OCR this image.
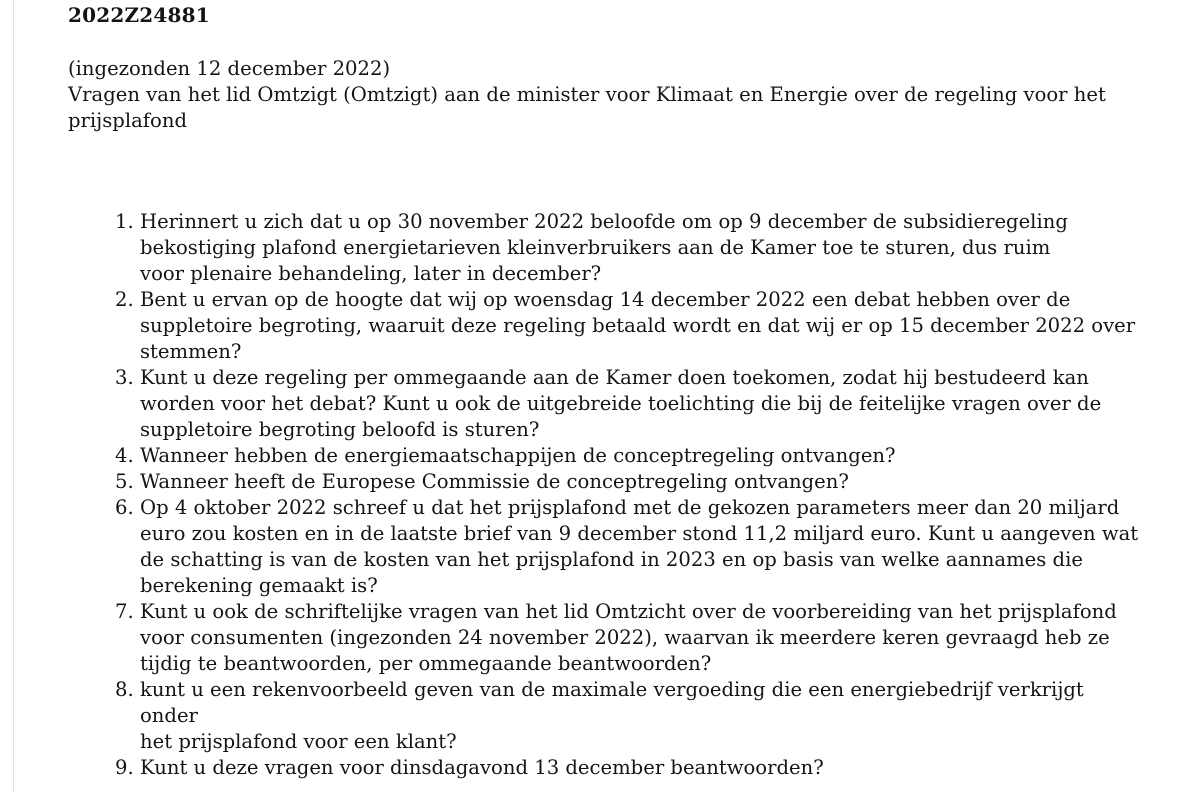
2022Z24881

(ingezonden 12 december 2022)

Vragen van het lid Omtzigt (Omtzigt) aan de minister voor Klimaat en Energie over de regeling voor het prijsplafond

1. Herinnert u zich dat u op 30 november 2022 beloofde om op 9 december de subsidieregeling
bekostiging plafond energietarieven kleinverbruikers aan de Kamer toe te sturen, dus ruim
voor plenaire behandeling, later in december?
2. Bent u ervan op de hoogte dat wij op woensdag 14 december 2022 een debat hebben over de
suppletoire begroting, waaruit deze regeling betaald wordt en dat wij er op 15 december 2022 over
stemmen?
3. Kunt u deze regeling per ommegaande aan de Kamer doen toekomen, zodat hij bestudeerd kan
worden voor het debat? Kunt u ook de uitgebreide toelichting die bij de feitelijke vragen over de
suppletoire begroting beloofd is sturen?
4. Wanneer hebben de energiemaatschappijen de conceptregeling ontvangen?
5. Wanneer heeft de Europese Commissie de conceptregeling ontvangen?
6. Op 4 oktober 2022 schreef u dat het prijsplafond met de gekozen parameters meer dan 20 miljard
euro zou kosten en in de laatste brief van 9 december stond 11,2 miljard euro. Kunt u aangeven wat
de schatting is van de kosten van het prijsplafond in 2023 en op basis van welke aannames die
berekening gemaakt is?
7. Kunt u ook de schriftelijke vragen van het lid Omtzicht over de voorbereiding van het prijsplafond
voor consumenten (ingezonden 24 november 2022), waarvan ik meerdere keren gevraagd heb ze
tijdig te beantwoorden, per ommegaande beantwoorden?
8. kunt u een rekenvoorbeeld geven van de maximale vergoeding die een energiebedrijf verkrijgt onder
het prijsplafond voor een klant?
9. Kunt u deze vragen voor dinsdagavond 13 december beantwoorden?
